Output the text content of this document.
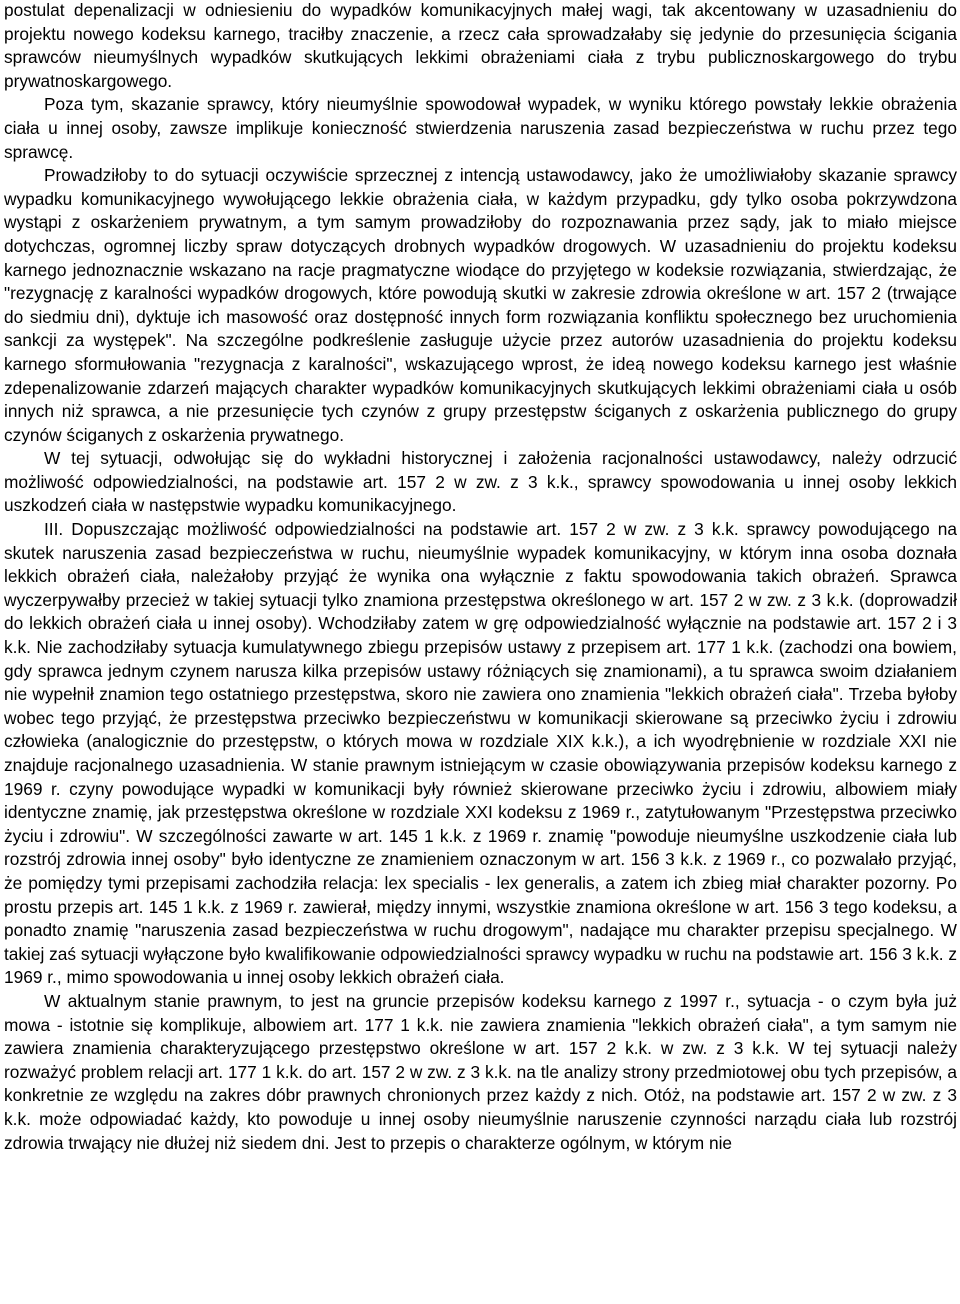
postulat depenalizacji w odniesieniu do wypadków komunikacyjnych małej wagi, tak akcentowany w uzasadnieniu do projektu nowego kodeksu karnego, traciłby znaczenie, a rzecz cała sprowadzałaby się jedynie do przesunięcia ścigania sprawców nieumyślnych wypadków skutkujących lekkimi obrażeniami ciała z trybu publicznoskargowego do trybu prywatnoskargowego.

Poza tym, skazanie sprawcy, który nieumyślnie spowodował wypadek, w wyniku którego powstały lekkie obrażenia ciała u innej osoby, zawsze implikuje konieczność stwierdzenia naruszenia zasad bezpieczeństwa w ruchu przez tego sprawcę.

Prowadziłoby to do sytuacji oczywiście sprzecznej z intencją ustawodawcy, jako że umożliwiałoby skazanie sprawcy wypadku komunikacyjnego wywołującego lekkie obrażenia ciała, w każdym przypadku, gdy tylko osoba pokrzywdzona wystąpi z oskarżeniem prywatnym, a tym samym prowadziłoby do rozpoznawania przez sądy, jak to miało miejsce dotychczas, ogromnej liczby spraw dotyczących drobnych wypadków drogowych. W uzasadnieniu do projektu kodeksu karnego jednoznacznie wskazano na racje pragmatyczne wiodące do przyjętego w kodeksie rozwiązania, stwierdzając, że "rezygnację z karalności wypadków drogowych, które powodują skutki w zakresie zdrowia określone w art. 157 2 (trwające do siedmiu dni), dyktuje ich masowość oraz dostępność innych form rozwiązania konfliktu społecznego bez uruchomienia sankcji za występek". Na szczególne podkreślenie zasługuje użycie przez autorów uzasadnienia do projektu kodeksu karnego sformułowania "rezygnacja z karalności", wskazującego wprost, że ideą nowego kodeksu karnego jest właśnie zdepenalizowanie zdarzeń mających charakter wypadków komunikacyjnych skutkujących lekkimi obrażeniami ciała u osób innych niż sprawca, a nie przesunięcie tych czynów z grupy przestępstw ściganych z oskarżenia publicznego do grupy czynów ściganych z oskarżenia prywatnego.

W tej sytuacji, odwołując się do wykładni historycznej i założenia racjonalności ustawodawcy, należy odrzucić możliwość odpowiedzialności, na podstawie art. 157 2 w zw. z 3 k.k., sprawcy spowodowania u innej osoby lekkich uszkodzeń ciała w następstwie wypadku komunikacyjnego.

III. Dopuszczając możliwość odpowiedzialności na podstawie art. 157 2 w zw. z 3 k.k. sprawcy powodującego na skutek naruszenia zasad bezpieczeństwa w ruchu, nieumyślnie wypadek komunikacyjny, w którym inna osoba doznała lekkich obrażeń ciała, należałoby przyjąć że wynika ona wyłącznie z faktu spowodowania takich obrażeń. Sprawca wyczerpywałby przecież w takiej sytuacji tylko znamiona przestępstwa określonego w art. 157 2 w zw. z 3 k.k. (doprowadził do lekkich obrażeń ciała u innej osoby). Wchodziłaby zatem w grę odpowiedzialność wyłącznie na podstawie art. 157 2 i 3 k.k. Nie zachodziłaby sytuacja kumulatywnego zbiegu przepisów ustawy z przepisem art. 177 1 k.k. (zachodzi ona bowiem, gdy sprawca jednym czynem narusza kilka przepisów ustawy różniących się znamionami), a tu sprawca swoim działaniem nie wypełnił znamion tego ostatniego przestępstwa, skoro nie zawiera ono znamienia "lekkich obrażeń ciała". Trzeba byłoby wobec tego przyjąć, że przestępstwa przeciwko bezpieczeństwu w komunikacji skierowane są przeciwko życiu i zdrowiu człowieka (analogicznie do przestępstw, o których mowa w rozdziale XIX k.k.), a ich wyodrębnienie w rozdziale XXI nie znajduje racjonalnego uzasadnienia. W stanie prawnym istniejącym w czasie obowiązywania przepisów kodeksu karnego z 1969 r. czyny powodujące wypadki w komunikacji były również skierowane przeciwko życiu i zdrowiu, albowiem miały identyczne znamię, jak przestępstwa określone w rozdziale XXI kodeksu z 1969 r., zatytułowanym "Przestępstwa przeciwko życiu i zdrowiu". W szczególności zawarte w art. 145 1 k.k. z 1969 r. znamię "powoduje nieumyślne uszkodzenie ciała lub rozstrój zdrowia innej osoby" było identyczne ze znamieniem oznaczonym w art. 156 3 k.k. z 1969 r., co pozwalało przyjąć, że pomiędzy tymi przepisami zachodziła relacja: lex specialis - lex generalis, a zatem ich zbieg miał charakter pozorny. Po prostu przepis art. 145 1 k.k. z 1969 r. zawierał, między innymi, wszystkie znamiona określone w art. 156 3 tego kodeksu, a ponadto znamię "naruszenia zasad bezpieczeństwa w ruchu drogowym", nadające mu charakter przepisu specjalnego. W takiej zaś sytuacji wyłączone było kwalifikowanie odpowiedzialności sprawcy wypadku w ruchu na podstawie art. 156 3 k.k. z 1969 r., mimo spowodowania u innej osoby lekkich obrażeń ciała.

W aktualnym stanie prawnym, to jest na gruncie przepisów kodeksu karnego z 1997 r., sytuacja - o czym była już mowa - istotnie się komplikuje, albowiem art. 177 1 k.k. nie zawiera znamienia "lekkich obrażeń ciała", a tym samym nie zawiera znamienia charakteryzującego przestępstwo określone w art. 157 2 k.k. w zw. z 3 k.k. W tej sytuacji należy rozważyć problem relacji art. 177 1 k.k. do art. 157 2 w zw. z 3 k.k. na tle analizy strony przedmiotowej obu tych przepisów, a konkretnie ze względu na zakres dóbr prawnych chronionych przez każdy z nich. Otóż, na podstawie art. 157 2 w zw. z 3 k.k. może odpowiadać każdy, kto powoduje u innej osoby nieumyślnie naruszenie czynności narządu ciała lub rozstrój zdrowia trwający nie dłużej niż siedem dni. Jest to przepis o charakterze ogólnym, w którym nie
